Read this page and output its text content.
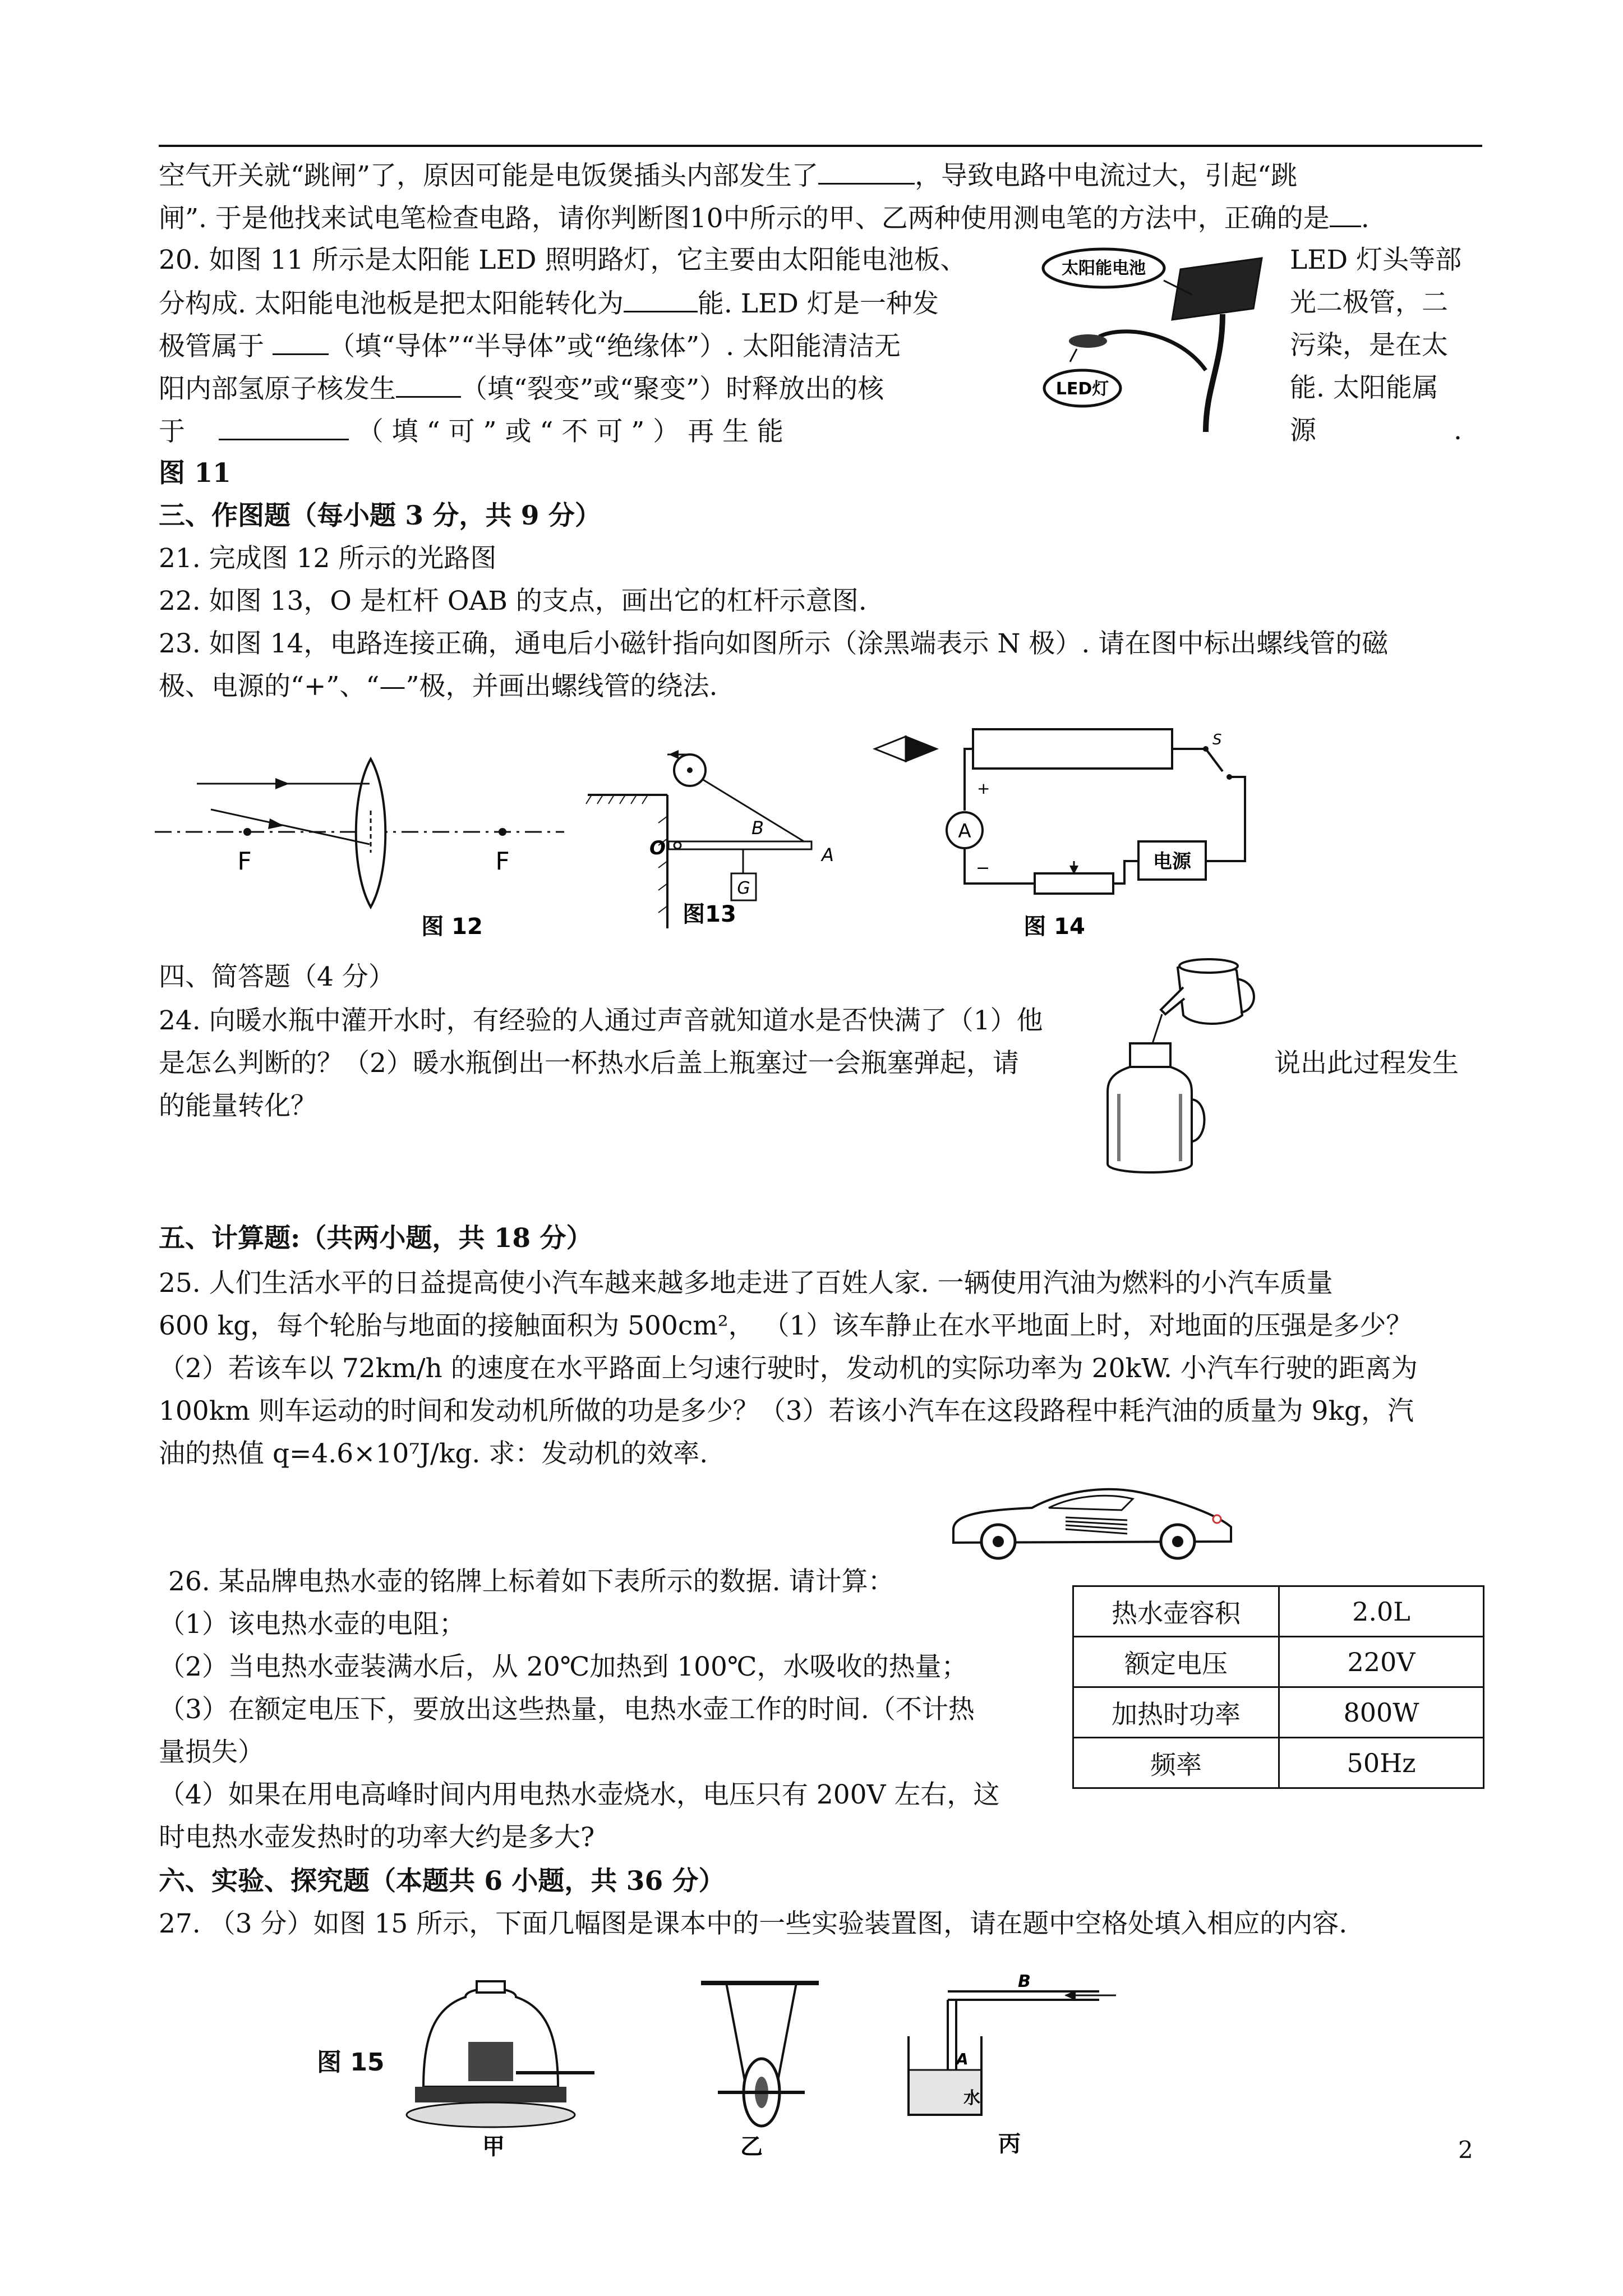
空气开关就“跳闸”了，原因可能是电饭煲插头内部发生了	，导致电路中电流过大，引起“跳
闸”. 于是他找来试电笔检查电路，请你判断图10中所示的甲、乙两种使用测电笔的方法中，正确的是 .
20. 如图 11 所示是太阳能 LED 照明路灯，它主要由太阳能电池板、	LED 灯头等部
分构成. 太阳能电池板是把太阳能转化为	能. LED 灯是一种发	光二极管，二
极管属于 （填“导体”“半导体”或“绝缘体”）. 太阳能清洁无	污染，是在太
阳内部氢原子核发生 （填“裂变”或“聚变”）时释放出的核	能. 太阳能属
于	（ 填 “ 可 ” 或 “ 不 可 ” ） 再 生 能	源	.
图 11
太阳能电池
LED灯
三、作图题（每小题 3 分，共 9 分）
21. 完成图 12 所示的光路图
22. 如图 13，O 是杠杆 OAB 的支点，画出它的杠杆示意图.
23. 如图 14，电路连接正确，通电后小磁针指向如图所示（涂黑端表示 N 极）. 请在图中标出螺线管的磁
极、电源的“+”、“—”极，并画出螺线管的绕法.
F	F
图 12
G
O
B
A
图13
A
+
−	电源
S
图 14
四、简答题（4 分）
24. 向暖水瓶中灌开水时，有经验的人通过声音就知道水是否快满了（1）他
是怎么判断的？（2）暖水瓶倒出一杯热水后盖上瓶塞过一会瓶塞弹起，请	说出此过程发生
的能量转化？
五、计算题:（共两小题，共 18 分）
25. 人们生活水平的日益提高使小汽车越来越多地走进了百姓人家. 一辆使用汽油为燃料的小汽车质量
600 kg，每个轮胎与地面的接触面积为 500cm²， （1）该车静止在水平地面上时，对地面的压强是多少？
（2）若该车以 72km/h 的速度在水平路面上匀速行驶时，发动机的实际功率为 20kW. 小汽车行驶的距离为
100km 则车运动的时间和发动机所做的功是多少？（3）若该小汽车在这段路程中耗汽油的质量为 9kg，汽
油的热值 q=4.6×10⁷J/kg. 求：发动机的效率.
26. 某品牌电热水壶的铭牌上标着如下表所示的数据. 请计算：
（1）该电热水壶的电阻；
（2）当电热水壶装满水后，从 20℃加热到 100℃，水吸收的热量；
（3）在额定电压下，要放出这些热量，电热水壶工作的时间.（不计热
量损失）
（4）如果在用电高峰时间内用电热水壶烧水，电压只有 200V 左右，这
时电热水壶发热时的功率大约是多大?
热水壶容积	2.0L
额定电压	220V
加热时功率	800W
频率	50Hz
六、实验、探究题（本题共 6 小题，共 36 分）
27. （3 分）如图 15 所示，下面几幅图是课本中的一些实验装置图，请在题中空格处填入相应的内容.
图 15
甲	乙
B
A
水
丙	2
